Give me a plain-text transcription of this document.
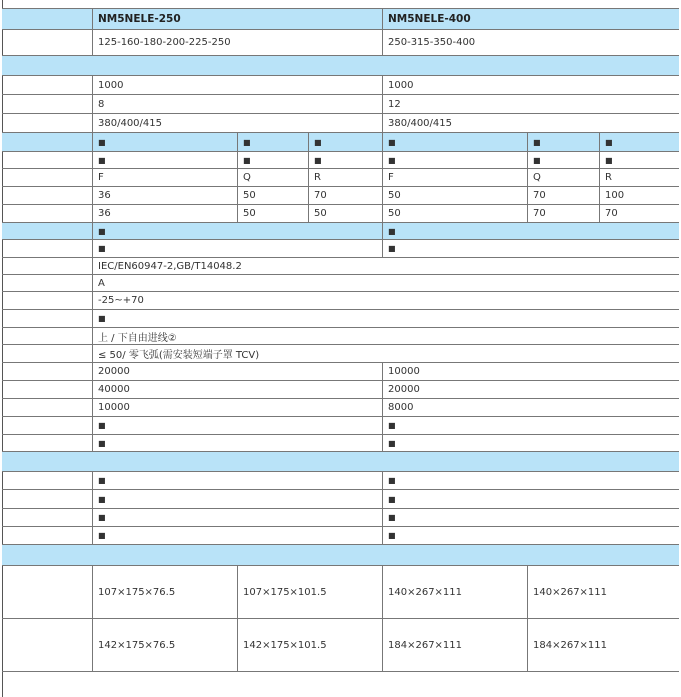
NM5NELE-250	NM5NELE-400
125-160-180-200-225-250	250-315-350-400
1000	1000
8	12
380/400/415	380/400/415
■	■	■	■	■	■
■	■	■	■	■	■
F	Q	R	F	Q	R
36	50	70	50	70	100
36	50	50	50	70	70
■	■
■	■
IEC/EN60947-2,GB/T14048.2
A
-25~+70
■
上 / 下自由进线②
≤ 50/ 零飞弧(需安装短端子罩 TCV)
20000	10000
40000	20000
10000	8000
■	■
■	■
■	■
■	■
■	■
■	■
107×175×76.5	107×175×101.5	140×267×111	140×267×111
142×175×76.5	142×175×101.5	184×267×111	184×267×111
